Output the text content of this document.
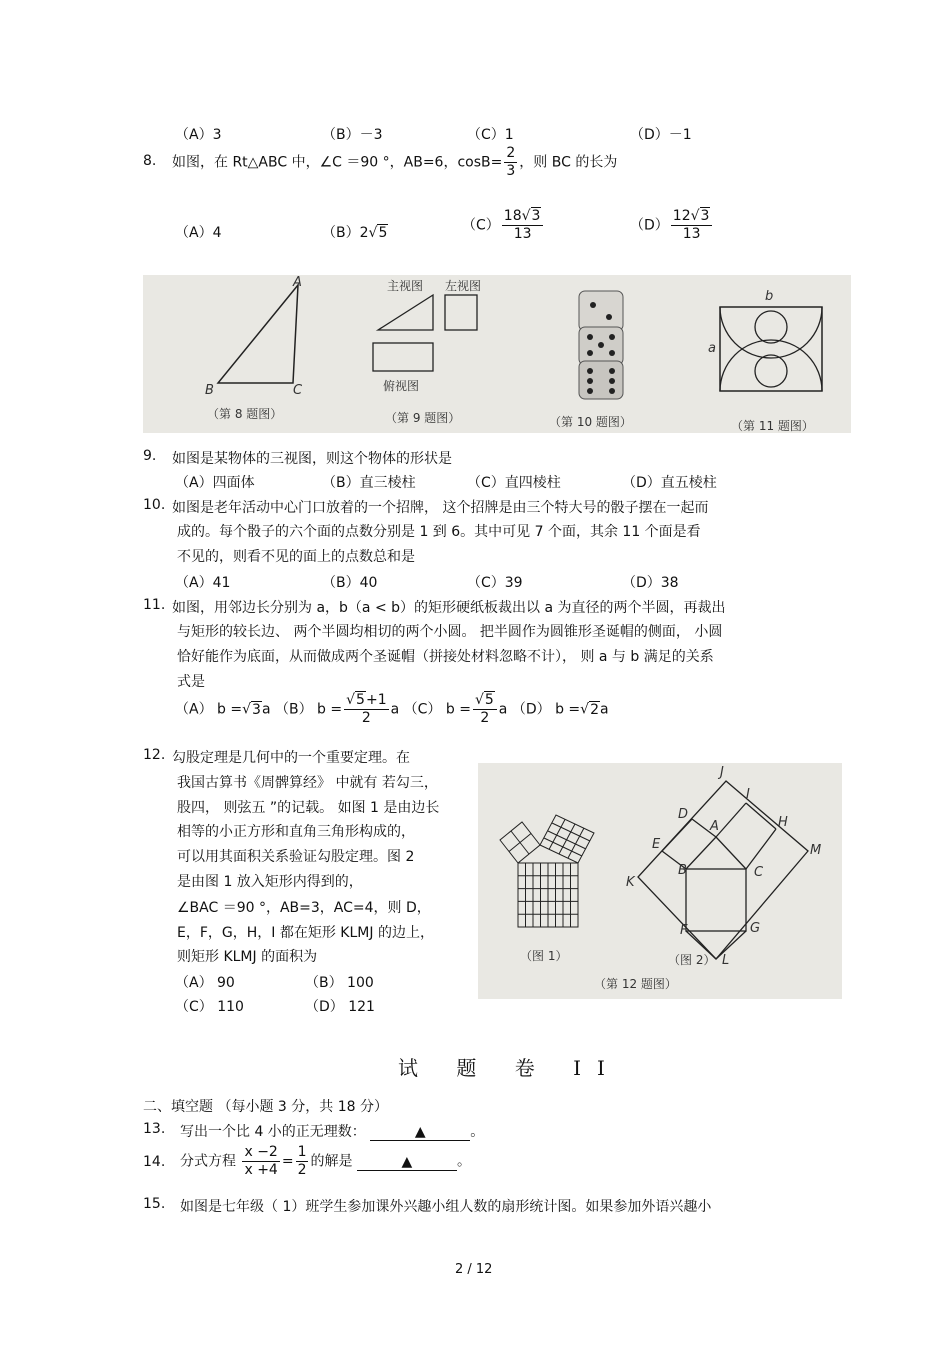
（A）3	（B）－3	（C）1	（D）－1
8. 如图，在 Rt△ABC 中，∠C ＝90 °，AB=6，$\cos B= \frac{2}{3}$ ，则 BC 的长为
（A）4	（B）2√5	$(C) \frac{18√3}{13}$	$(D) \frac{12√3}{13}$
A
B	C
（第 8 题图）
主视图 左视图
俯视图
（第 9 题图）	（第 10 题图）
b
a
（第 11 题图）
9. 如图是某物体的三视图，则这个物体的形状是
（A）四面体	（B）直三棱柱	（C）直四棱柱	（D）直五棱柱
10. 如图是老年活动中心门口放着的一个招牌， 这个招牌是由三个特大号的骰子摆在一起而
成的。每个骰子的六个面的点数分别是 1 到 6。其中可见 7 个面，其余 11 个面是看
不见的，则看不见的面上的点数总和是
（A）41	（B）40	（C）39	（D）38
11. 如图，用邻边长分别为 a，b（a < b）的矩形硬纸板裁出以 a 为直径的两个半圆，再裁出
与矩形的较长边、 两个半圆均相切的两个小圆。 把半圆作为圆锥形圣诞帽的侧面， 小圆
恰好能作为底面，从而做成两个圣诞帽（拼接处材料忽略不计）， 则 a 与 b 满足的关系
式是
（A） b =√3a （B） $b = \frac{√5+1}{2}$ a （C） $b = \frac{√5}{2}$ a （D） b =√2a
12. 勾股定理是几何中的一个重要定理。在
我国古算书《周髀算经》 中就有 若勾三，
股四， 则弦五 ”的记载。 如图 1 是由边长
相等的小正方形和直角三角形构成的，
可以用其面积关系验证勾股定理。图 2
是由图 1 放入矩形内得到的，
∠BAC ＝90 °，AB=3，AC=4，则 D，
E，F，G，H，I 都在矩形 KLMJ 的边上，
则矩形 KLMJ 的面积为
（A） 90	（B） 100
（C） 110	（D） 121
J
I
D
A	H
M
E
B	C
K
F	G
L
（图 1）	（图 2）
（第 12 题图）
试 题 卷 II
二、填空题 （每小题 3 分，共 18 分）
13. 写出一个比 4 小的正无理数：	▲	。
14. 分式方程 $\frac{x -2}{x +4} = \frac{1}{2}$ 的解是	▲	。
15. 如图是七年级（ 1）班学生参加课外兴趣小组人数的扇形统计图。如果参加外语兴趣小
2 / 12
